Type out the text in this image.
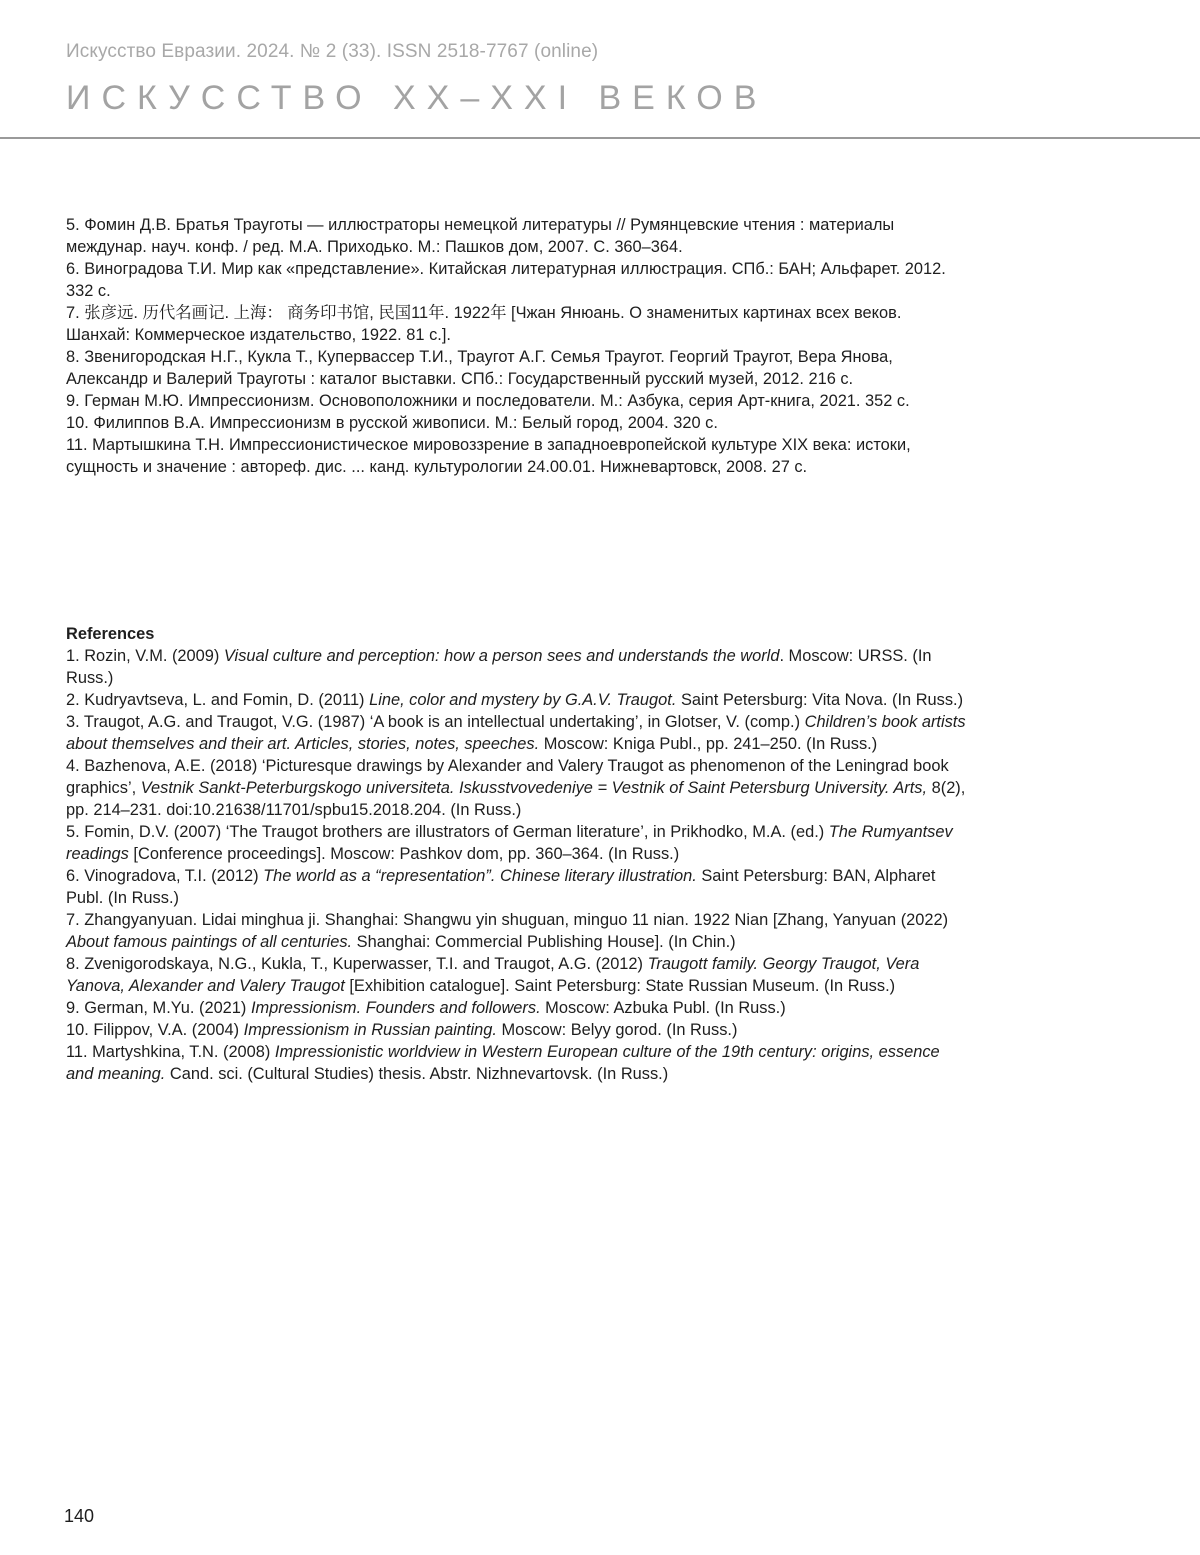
Искусство Евразии. 2024. № 2 (33). ISSN 2518-7767 (online)
ИСКУССТВО XX–XXI ВЕКОВ

5. Фомин Д.В. Братья Трауготы — иллюстраторы немецкой литературы // Румянцевские чтения : материалы междунар. науч. конф. / ред. М.А. Приходько. М.: Пашков дом, 2007. С. 360–364.

6. Виноградова Т.И. Мир как «представление». Китайская литературная иллюстрация. СПб.: БАН; Альфарет. 2012. 332 с.

7. 张彦远. 历代名画记. 上海： 商务印书馆, 民国11年. 1922年 [Чжан Янюань. О знаменитых картинах всех веков. Шанхай: Коммерческое издательство, 1922. 81 с.].

8. Звенигородская Н.Г., Кукла Т., Купервассер Т.И., Траугот А.Г. Семья Траугот. Георгий Траугот, Вера Янова, Александр и Валерий Трауготы : каталог выставки. СПб.: Государственный русский музей, 2012. 216 с.

9. Герман М.Ю. Импрессионизм. Основоположники и последователи. М.: Азбука, серия Арт-книга, 2021. 352 с.

10. Филиппов В.А. Импрессионизм в русской живописи. М.: Белый город, 2004. 320 с.

11. Мартышкина Т.Н. Импрессионистическое мировоззрение в западноевропейской культуре XIX века: истоки, сущность и значение : автореф. дис. ... канд. культурологии 24.00.01. Нижневартовск, 2008. 27 с.

References

1. Rozin, V.M. (2009) Visual culture and perception: how a person sees and understands the world. Moscow: URSS. (In Russ.)

2. Kudryavtseva, L. and Fomin, D. (2011) Line, color and mystery by G.A.V. Traugot. Saint Petersburg: Vita Nova. (In Russ.)

3. Traugot, A.G. and Traugot, V.G. (1987) ‘A book is an intellectual undertaking’, in Glotser, V. (comp.) Children’s book artists about themselves and their art. Articles, stories, notes, speeches. Moscow: Kniga Publ., pp. 241–250. (In Russ.)

4. Bazhenova, A.E. (2018) ‘Picturesque drawings by Alexander and Valery Traugot as phenomenon of the Leningrad book graphics’, Vestnik Sankt-Peterburgskogo universiteta. Iskusstvovedeniye = Vestnik of Saint Petersburg University. Arts, 8(2), pp. 214–231. doi:10.21638/11701/spbu15.2018.204. (In Russ.)

5. Fomin, D.V. (2007) ‘The Traugot brothers are illustrators of German literature’, in Prikhodko, M.A. (ed.) The Rumyantsev readings [Conference proceedings]. Moscow: Pashkov dom, pp. 360–364. (In Russ.)

6. Vinogradova, T.I. (2012) The world as a “representation”. Chinese literary illustration. Saint Petersburg: BAN, Alpharet Publ. (In Russ.)

7. Zhangyanyuan. Lidai minghua ji. Shanghai: Shangwu yin shuguan, minguo 11 nian. 1922 Nian [Zhang, Yanyuan (2022) About famous paintings of all centuries. Shanghai: Commercial Publishing House]. (In Chin.)

8. Zvenigorodskaya, N.G., Kukla, T., Kuperwasser, T.I. and Traugot, A.G. (2012) Traugott family. Georgy Traugot, Vera Yanova, Alexander and Valery Traugot [Exhibition catalogue]. Saint Petersburg: State Russian Museum. (In Russ.)

9. German, M.Yu. (2021) Impressionism. Founders and followers. Moscow: Azbuka Publ. (In Russ.)

10. Filippov, V.A. (2004) Impressionism in Russian painting. Moscow: Belyy gorod. (In Russ.)

11. Martyshkina, T.N. (2008) Impressionistic worldview in Western European culture of the 19th century: origins, essence and meaning. Cand. sci. (Cultural Studies) thesis. Abstr. Nizhnevartovsk. (In Russ.)

140
